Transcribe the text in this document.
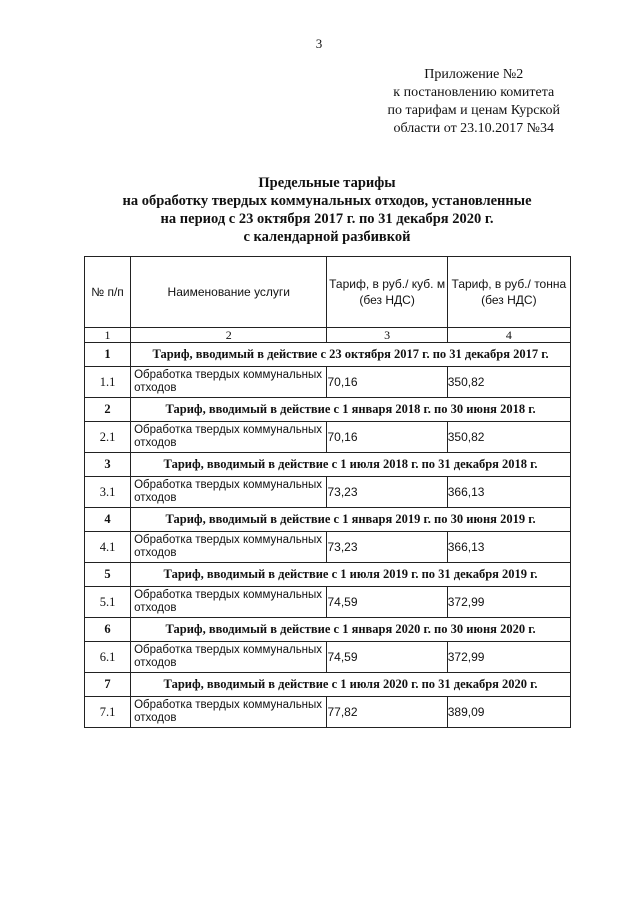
3
Приложение №2
к постановлению комитета
по тарифам и ценам Курской
области от 23.10.2017 №34
Предельные тарифы
на обработку твердых коммунальных отходов, установленные
на период с 23 октября 2017 г. по 31 декабря 2020 г.
с календарной разбивкой
№ п/п	Наименование услуги	Тариф, в руб./ куб. м (без НДС)	Тариф, в руб./ тонна (без НДС)
1	2	3	4
1	Тариф, вводимый в действие с 23 октября 2017 г. по 31 декабря 2017 г.		
1.1	Обработка твердых коммунальных отходов	70,16	350,82
2	Тариф, вводимый в действие с 1 января 2018 г. по 30 июня 2018 г.		
2.1	Обработка твердых коммунальных отходов	70,16	350,82
3	Тариф, вводимый в действие с 1 июля 2018 г. по 31 декабря 2018 г.		
3.1	Обработка твердых коммунальных отходов	73,23	366,13
4	Тариф, вводимый в действие с 1 января 2019 г. по 30 июня 2019 г.		
4.1	Обработка твердых коммунальных отходов	73,23	366,13
5	Тариф, вводимый в действие с 1 июля 2019 г. по 31 декабря 2019 г.		
5.1	Обработка твердых коммунальных отходов	74,59	372,99
6	Тариф, вводимый в действие с 1 января 2020 г. по 30 июня 2020 г.		
6.1	Обработка твердых коммунальных отходов	74,59	372,99
7	Тариф, вводимый в действие с 1 июля 2020 г. по 31 декабря 2020 г.		
7.1	Обработка твердых коммунальных отходов	77,82	389,09
